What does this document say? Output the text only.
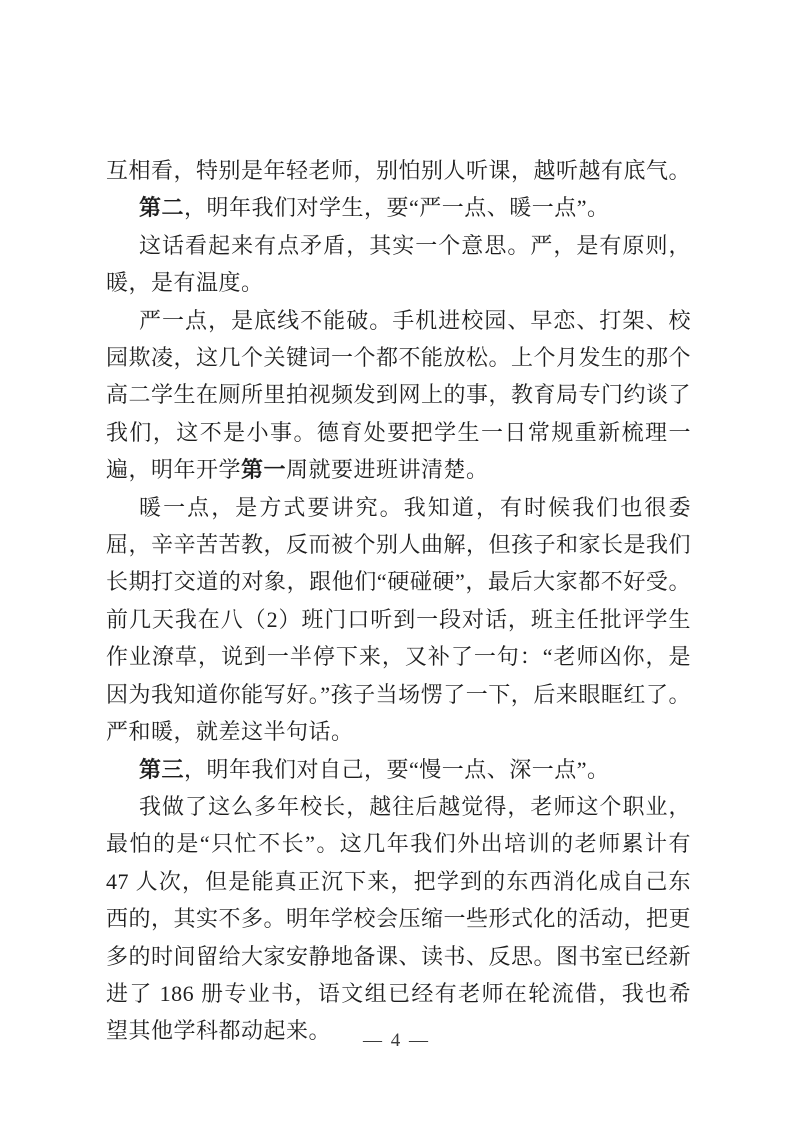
互相看，特别是年轻老师，别怕别人听课，越听越有底气。

第二，明年我们对学生，要“严一点、暖一点”。

这话看起来有点矛盾，其实一个意思。严，是有原则，暖，是有温度。

严一点，是底线不能破。手机进校园、早恋、打架、校园欺凌，这几个关键词一个都不能放松。上个月发生的那个高二学生在厕所里拍视频发到网上的事，教育局专门约谈了我们，这不是小事。德育处要把学生一日常规重新梳理一遍，明年开学第一周就要进班讲清楚。

暖一点，是方式要讲究。我知道，有时候我们也很委屈，辛辛苦苦教，反而被个别人曲解，但孩子和家长是我们长期打交道的对象，跟他们“硬碰硬”，最后大家都不好受。前几天我在八（2）班门口听到一段对话，班主任批评学生作业潦草，说到一半停下来，又补了一句：“老师凶你，是因为我知道你能写好。”孩子当场愣了一下，后来眼眶红了。严和暖，就差这半句话。

第三，明年我们对自己，要“慢一点、深一点”。

我做了这么多年校长，越往后越觉得，老师这个职业，最怕的是“只忙不长”。这几年我们外出培训的老师累计有 47 人次，但是能真正沉下来，把学到的东西消化成自己东西的，其实不多。明年学校会压缩一些形式化的活动，把更多的时间留给大家安静地备课、读书、反思。图书室已经新进了 186 册专业书，语文组已经有老师在轮流借，我也希望其他学科都动起来。	— 4 —
